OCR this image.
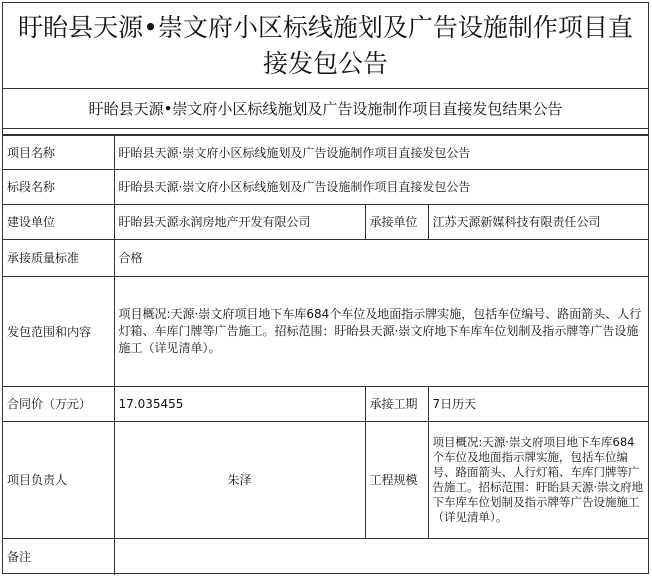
盱眙县天源•崇文府小区标线施划及广告设施制作项目直接发包公告
盱眙县天源•崇文府小区标线施划及广告设施制作项目直接发包结果公告
项目名称	盱眙县天源·崇文府小区标线施划及广告设施制作项目直接发包公告		
标段名称	盱眙县天源·崇文府小区标线施划及广告设施制作项目直接发包公告		
建设单位	盱眙县天源永润房地产开发有限公司	承接单位	江苏天源新媒科技有限责任公司
承接质量标准	合格		
发包范围和内容	项目概况:天源·崇文府项目地下车库684个车位及地面指示牌实施，包括车位编号、路面箭头、人行灯箱、车库门牌等广告施工。招标范围：盱眙县天源·崇文府地下车库车位划制及指示牌等广告设施施工（详见清单）。		
合同价（万元）	17.035455	承接工期	7日历天
项目负责人	朱泽	工程规模	项目概况:天源·崇文府项目地下车库684个车位及地面指示牌实施，包括车位编号、路面箭头、人行灯箱、车库门牌等广告施工。招标范围：盱眙县天源·崇文府地下车库车位划制及指示牌等广告设施施工（详见清单）。
备注			
